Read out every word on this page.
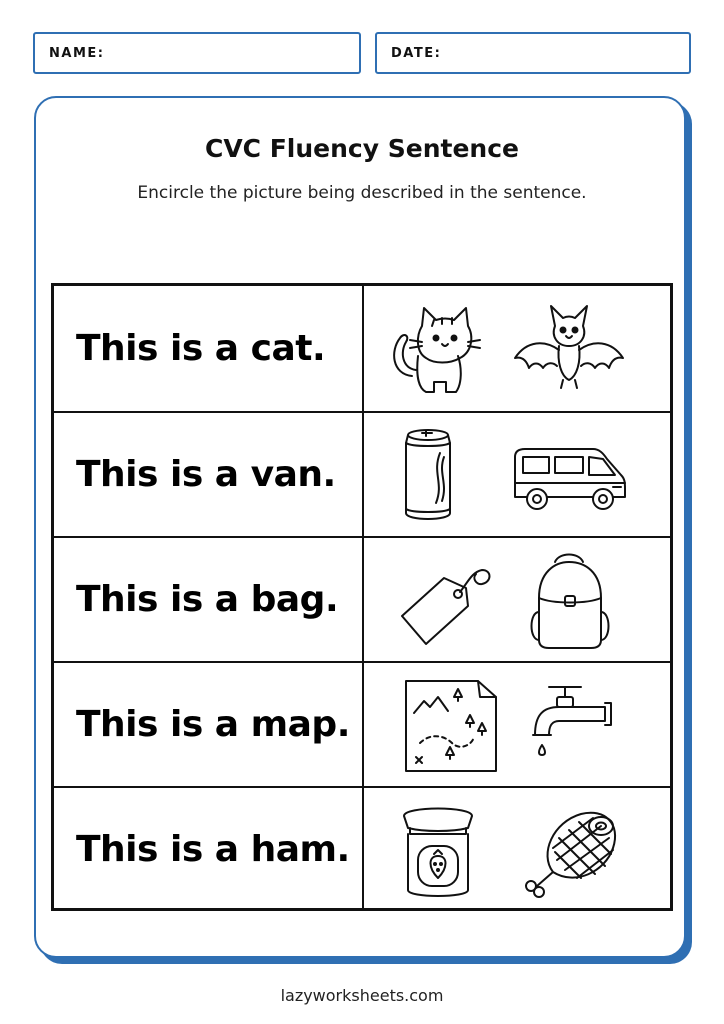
NAME:	DATE:
CVC Fluency Sentence
Encircle the picture being described in the sentence.
This is a cat.
This is a van.
This is a bag.
This is a map.
This is a ham.
lazyworksheets.com
